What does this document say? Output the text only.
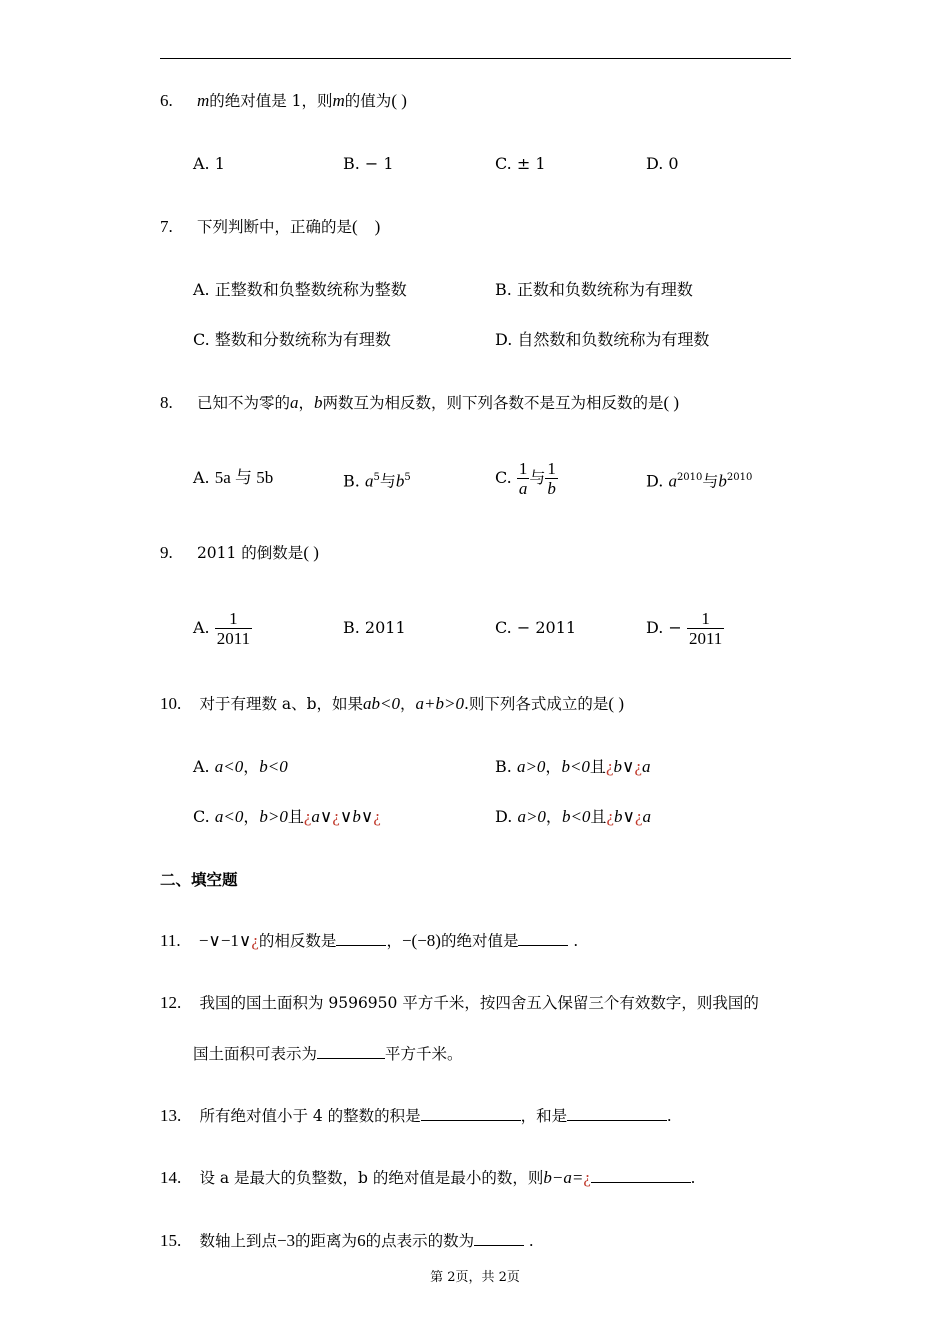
6. m的绝对值是 1，则m的值为( )
A. 1	B. − 1	C. ± 1	D. 0
7. 下列判断中，正确的是(　)
A. 正整数和负整数统称为整数	B. 正数和负数统称为有理数
C. 整数和分数统称为有理数	D. 自然数和负数统称为有理数
8. 已知不为零的a，b两数互为相反数，则下列各数不是互为相反数的是( )
A. 5a 与 5b	B. $a^5$与$b^5$	C. $\frac{1}{a}$ 与 $\frac{1}{b}$	D. $a^{2010}$与$b^{2010}$
9. 2011 的倒数是( )
A. $\frac{1}{2011}$	B. 2011	C. − 2011	D. − $\frac{1}{2011}$
10. 对于有理数 a、b，如果ab<0，a+b>0.则下列各式成立的是( )
A. a<0，b<0	B. a>0，b<0且¿b∨¿a
C. a<0，b>0且¿a∨¿∨b∨¿	D. a>0，b<0且¿b∨¿a
二、填空题
11. −∨−1∨¿的相反数是	，−(−8)的绝对值是	.
12. 我国的国土面积为 9596950 平方千米，按四舍五入保留三个有效数字，则我国的
国土面积可表示为	平方千米。
13. 所有绝对值小于 4 的整数的积是	，和是	.
14. 设 a 是最大的负整数，b 的绝对值是最小的数，则b−a=¿	.
15. 数轴上到点−3的距离为6的点表示的数为	.
第 2页，共 2页
